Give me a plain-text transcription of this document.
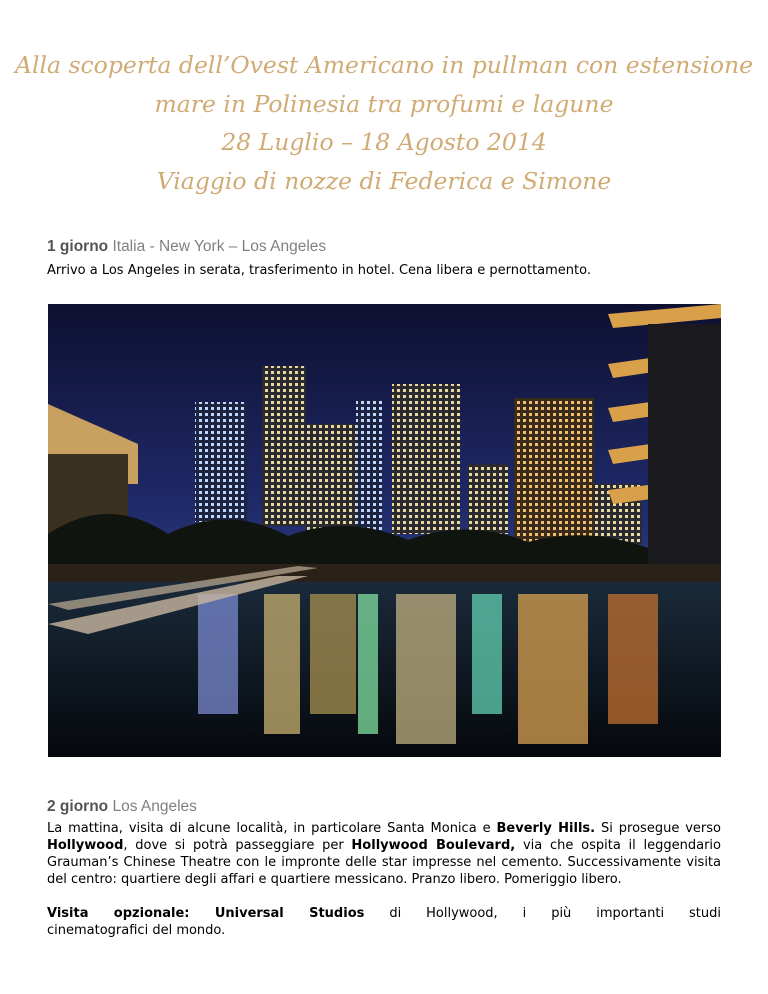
Alla scoperta dell’Ovest Americano in pullman con estensione
mare in Polinesia tra profumi e lagune
28 Luglio – 18 Agosto 2014
Viaggio di nozze di Federica e Simone
1 giorno Italia - New York – Los Angeles
Arrivo a Los Angeles in serata, trasferimento in hotel. Cena libera e pernottamento.
2 giorno Los Angeles
La mattina, visita di alcune località, in particolare Santa Monica e Beverly Hills. Si prosegue verso Hollywood, dove si potrà passeggiare per Hollywood Boulevard, via che ospita il leggendario Grauman’s Chinese Theatre con le impronte delle star impresse nel cemento. Successivamente visita del centro: quartiere degli affari e quartiere messicano. Pranzo libero. Pomeriggio libero.
Visita opzionale: Universal Studios di Hollywood, i più importanti studi
cinematografici del mondo.
